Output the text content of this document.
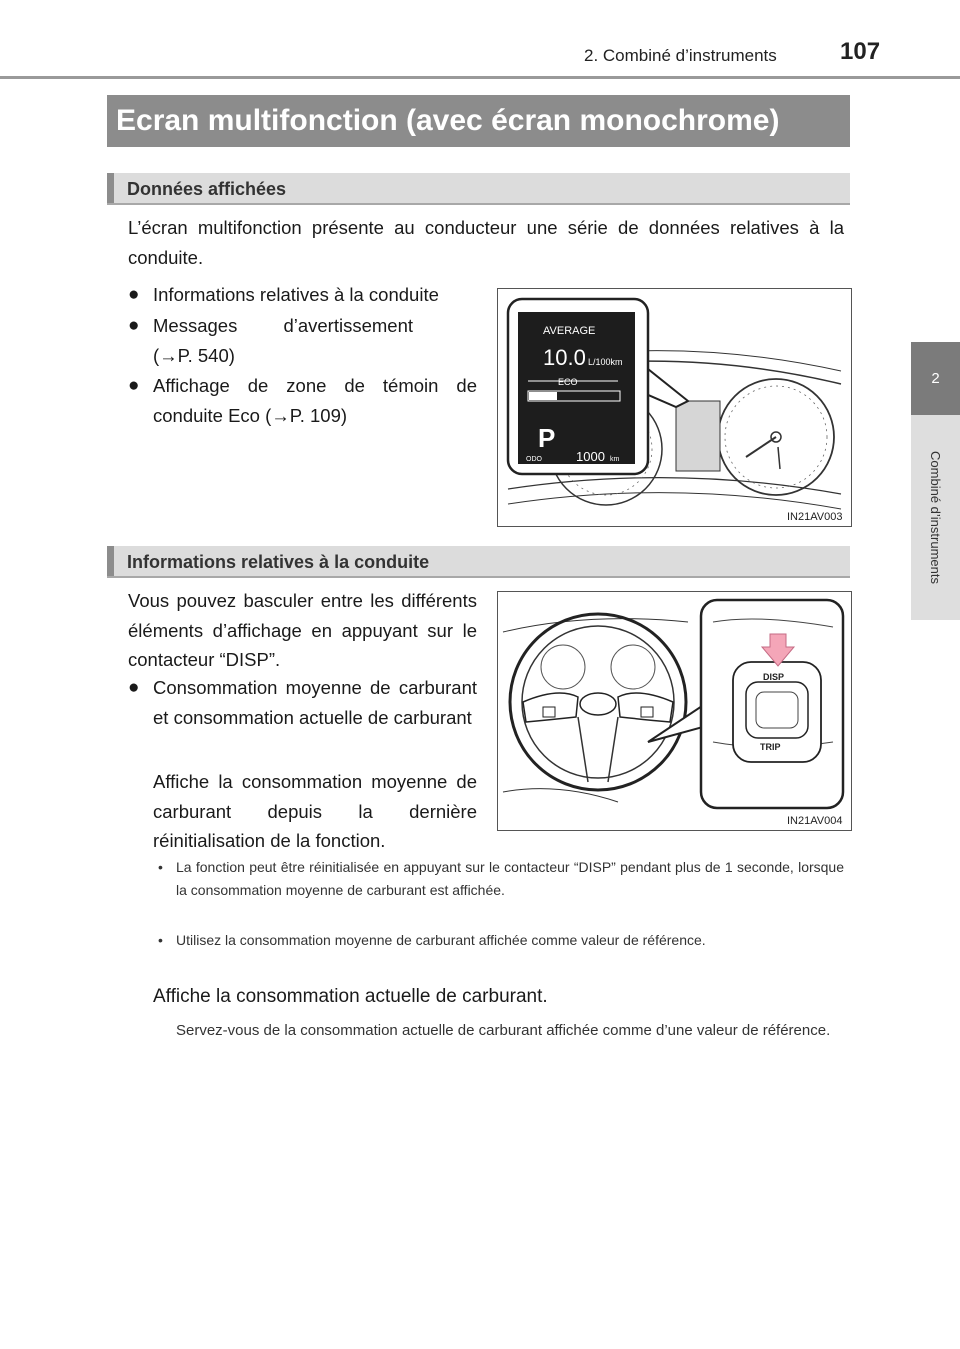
2. Combiné d’instruments	107
2
Combiné d’instruments
Ecran multifonction (avec écran monochrome)
Données affichées
L’écran multifonction présente au conducteur une série de données relatives à la conduite.
● Informations relatives à la conduite
● Messages d’avertissement (→P. 540)
● Affichage de zone de témoin de conduite Eco (→P. 109)
AVERAGE
10.0 L/100km
ECO
P
ODO	1000 km
IN21AV003
Informations relatives à la conduite
Vous pouvez basculer entre les différents éléments d’affichage en appuyant sur le contacteur “DISP”.
● Consommation moyenne de carburant et consommation actuelle de carburant
Affiche la consommation moyenne de carburant depuis la dernière réinitialisation de la fonction.
• La fonction peut être réinitialisée en appuyant sur le contacteur “DISP” pendant plus de 1 seconde, lorsque la consommation moyenne de carburant est affichée.
• Utilisez la consommation moyenne de carburant affichée comme valeur de référence.
Affiche la consommation actuelle de carburant.
Servez-vous de la consommation actuelle de carburant affichée comme d’une valeur de référence.
DISP
TRIP
IN21AV004
